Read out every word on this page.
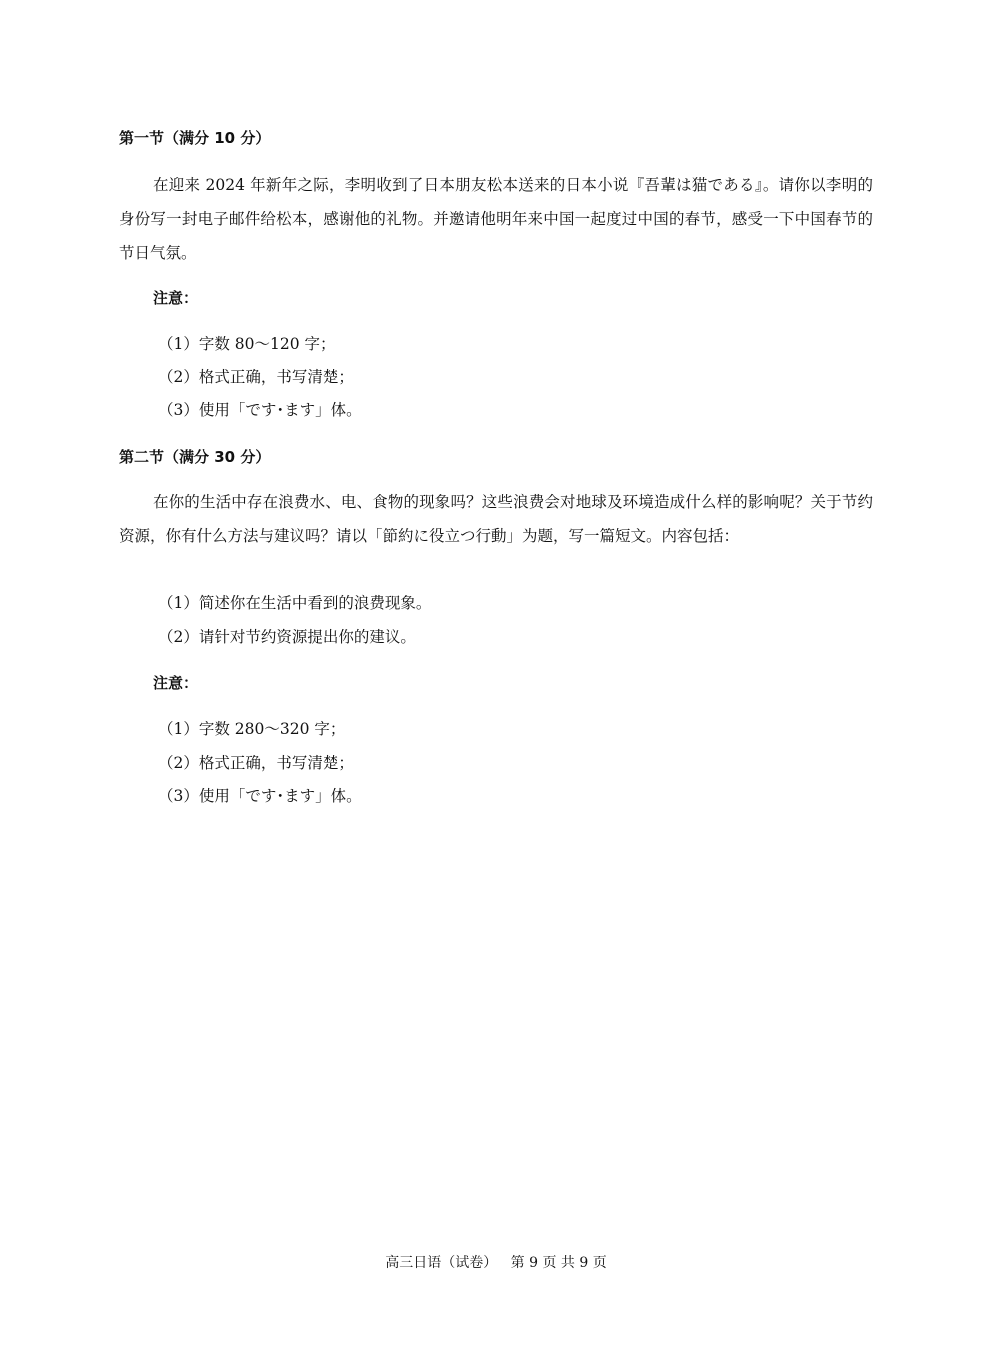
第一节（满分 10 分）

在迎来 2024 年新年之际，李明收到了日本朋友松本送来的日本小说『吾輩は猫である』。请你以李明的身份写一封电子邮件给松本，感谢他的礼物。并邀请他明年来中国一起度过中国的春节，感受一下中国春节的节日气氛。

注意：
（1）字数 80～120 字；
（2）格式正确，书写清楚；
（3）使用「です･ます」体。
第二节（满分 30 分）

在你的生活中存在浪费水、电、食物的现象吗？这些浪费会对地球及环境造成什么样的影响呢？关于节约资源，你有什么方法与建议吗？请以「節約に役立つ行動」为题，写一篇短文。内容包括：

（1）简述你在生活中看到的浪费现象。
（2）请针对节约资源提出你的建议。
注意：
（1）字数 280～320 字；
（2）格式正确，书写清楚；
（3）使用「です･ます」体。
高三日语（试卷）   第 9 页 共 9 页
